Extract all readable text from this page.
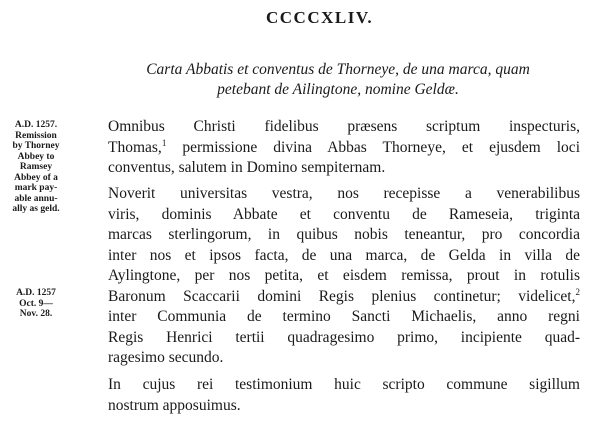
CCCCXLIV.
Carta Abbatis et conventus de Thorneye, de una marca, quam
petebant de Ailingtone, nomine Geldæ.
A.D. 1257.
Remission
by Thorney
Abbey to
Ramsey
Abbey of a
mark pay-
able annu-
ally as geld.
A.D. 1257
Oct. 9—
Nov. 28.
Omnibus Christi fidelibus præsens scriptum inspecturis,
Thomas,$^1$ permissione divina Abbas Thorneye, et ejusdem loci
conventus, salutem in Domino sempiternam.
Noverit universitas vestra, nos recepisse a venerabilibus
viris, dominis Abbate et conventu de Rameseia, triginta
marcas sterlingorum, in quibus nobis teneantur, pro concordia
inter nos et ipsos facta, de una marca, de Gelda in villa de
Aylingtone, per nos petita, et eisdem remissa, prout in rotulis
Baronum Scaccarii domini Regis plenius continetur; videlicet,$^2$
inter Communia de termino Sancti Michaelis, anno regni
Regis Henrici tertii quadragesimo primo, incipiente quad-
ragesimo secundo.
In cujus rei testimonium huic scripto commune sigillum
nostrum apposuimus.
